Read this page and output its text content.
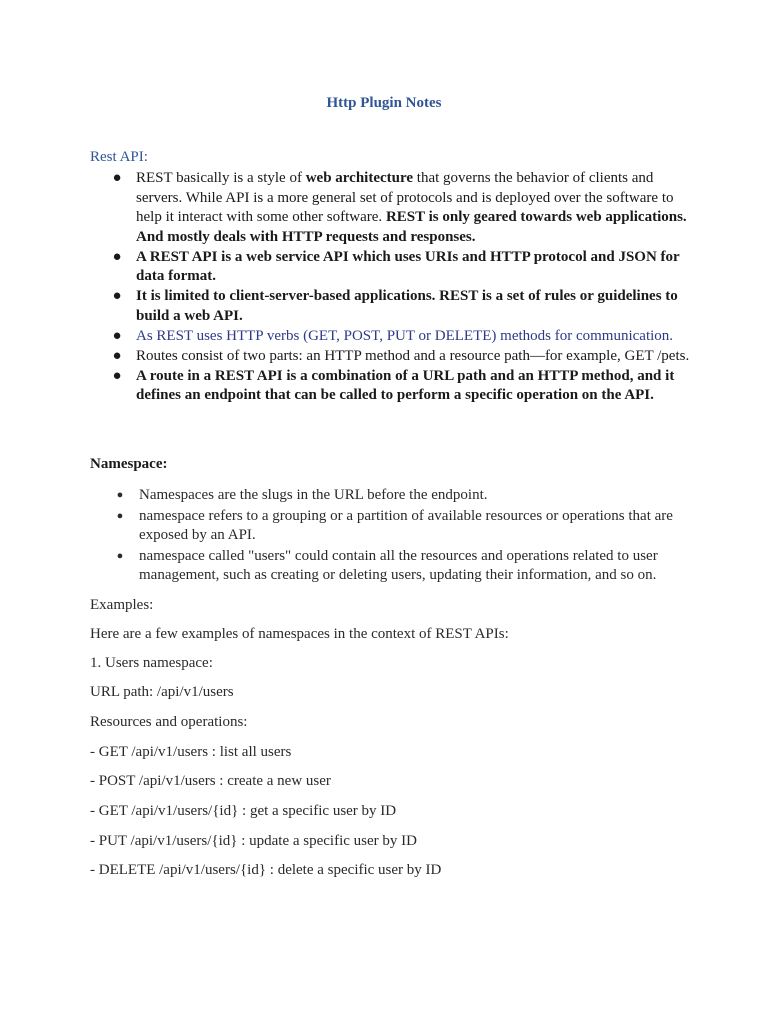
Http Plugin Notes

Rest API:

● REST basically is a style of web architecture that governs the behavior of clients and servers. While API is a more general set of protocols and is deployed over the software to help it interact with some other software. REST is only geared towards web applications. And mostly deals with HTTP requests and responses.
● A REST API is a web service API which uses URIs and HTTP protocol and JSON for data format.
● It is limited to client-server-based applications. REST is a set of rules or guidelines to build a web API.
● As REST uses HTTP verbs (GET, POST, PUT or DELETE) methods for communication.
● Routes consist of two parts: an HTTP method and a resource path—for example, GET /pets.
● A route in a REST API is a combination of a URL path and an HTTP method, and it defines an endpoint that can be called to perform a specific operation on the API.

Namespace:

● Namespaces are the slugs in the URL before the endpoint.
● namespace refers to a grouping or a partition of available resources or operations that are exposed by an API.
● namespace called "users" could contain all the resources and operations related to user management, such as creating or deleting users, updating their information, and so on.

Examples:

Here are a few examples of namespaces in the context of REST APIs:

1. Users namespace:

URL path: /api/v1/users

Resources and operations:

- GET /api/v1/users : list all users

- POST /api/v1/users : create a new user

- GET /api/v1/users/{id} : get a specific user by ID

- PUT /api/v1/users/{id} : update a specific user by ID

- DELETE /api/v1/users/{id} : delete a specific user by ID
